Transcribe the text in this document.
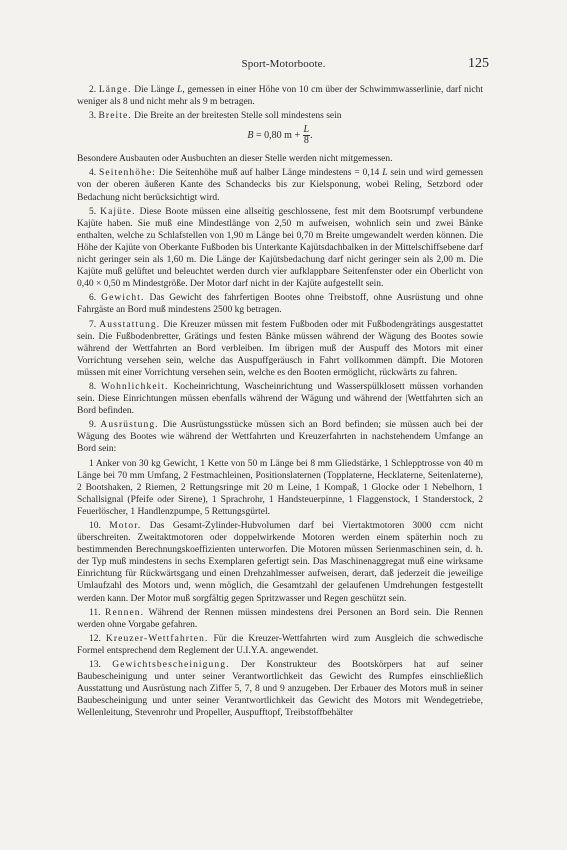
Sport-Motorboote.	125

2. Länge. Die Länge L, gemessen in einer Höhe von 10 cm über der Schwimmwasserlinie, darf nicht weniger als 8 und nicht mehr als 9 m betragen.

3. Breite. Die Breite an der breitesten Stelle soll mindestens sein

B = 0,80 $m + \frac{L}{8}$ .

Besondere Ausbauten oder Ausbuchten an dieser Stelle werden nicht mitgemessen.

4. Seitenhöhe: Die Seitenhöhe muß auf halber Länge mindestens = 0,14 L sein und wird gemessen von der oberen äußeren Kante des Schandecks bis zur Kielsponung, wobei Reling, Setzbord oder Bedachung nicht berücksichtigt wird.

5. Kajüte. Diese Boote müssen eine allseitig geschlossene, fest mit dem Bootsrumpf verbundene Kajüte haben. Sie muß eine Mindestlänge von 2,50 m aufweisen, wohnlich sein und zwei Bänke enthalten, welche zu Schlafstellen von 1,90 m Länge bei 0,70 m Breite umgewandelt werden können. Die Höhe der Kajüte von Oberkante Fußboden bis Unterkante Kajütsdachbalken in der Mittelschiffsebene darf nicht geringer sein als 1,60 m. Die Länge der Kajütsbedachung darf nicht geringer sein als 2,00 m. Die Kajüte muß gelüftet und beleuchtet werden durch vier aufklappbare Seitenfenster oder ein Oberlicht von 0,40 × 0,50 m Mindestgröße. Der Motor darf nicht in der Kajüte aufgestellt sein.

6. Gewicht. Das Gewicht des fahrfertigen Bootes ohne Treibstoff, ohne Ausrüstung und ohne Fahrgäste an Bord muß mindestens 2500 kg betragen.

7. Ausstattung. Die Kreuzer müssen mit festem Fußboden oder mit Fußbodengrätings ausgestattet sein. Die Fußbodenbretter, Grätings und festen Bänke müssen während der Wägung des Bootes sowie während der Wettfahrten an Bord verbleiben. Im übrigen muß der Auspuff des Motors mit einer Vorrichtung versehen sein, welche das Auspuffgeräusch in Fahrt vollkommen dämpft. Die Motoren müssen mit einer Vorrichtung versehen sein, welche es den Booten ermöglicht, rückwärts zu fahren.

8. Wohnlichkeit. Kocheinrichtung, Wascheinrichtung und Wasserspülklosett müssen vorhanden sein. Diese Einrichtungen müssen ebenfalls während der Wägung und während der |Wettfahrten sich an Bord befinden.

9. Ausrüstung. Die Ausrüstungsstücke müssen sich an Bord befinden; sie müssen auch bei der Wägung des Bootes wie während der Wettfahrten und Kreuzerfahrten in nachstehendem Umfange an Bord sein:

1 Anker von 30 kg Gewicht, 1 Kette von 50 m Länge bei 8 mm Gliedstärke, 1 Schlepptrosse von 40 m Länge bei 70 mm Umfang, 2 Festmachleinen, Positionslaternen (Topplaterne, Hecklaterne, Seitenlaterne), 2 Bootshaken, 2 Riemen, 2 Rettungsringe mit 20 m Leine, 1 Kompaß, 1 Glocke oder 1 Nebelhorn, 1 Schallsignal (Pfeife oder Sirene), 1 Sprachrohr, 1 Handsteuerpinne, 1 Flaggenstock, 1 Standerstock, 2 Feuerlöscher, 1 Handlenzpumpe, 5 Rettungsgürtel.

10. Motor. Das Gesamt-Zylinder-Hubvolumen darf bei Viertaktmotoren 3000 ccm nicht überschreiten. Zweitaktmotoren oder doppelwirkende Motoren werden einem späterhin noch zu bestimmenden Berechnungskoeffizienten unterworfen. Die Motoren müssen Serienmaschinen sein, d. h. der Typ muß mindestens in sechs Exemplaren gefertigt sein. Das Maschinenaggregat muß eine wirksame Einrichtung für Rückwärtsgang und einen Drehzahlmesser aufweisen, derart, daß jederzeit die jeweilige Umlaufzahl des Motors und, wenn möglich, die Gesamtzahl der gelaufenen Umdrehungen festgestellt werden kann. Der Motor muß sorgfältig gegen Spritzwasser und Regen geschützt sein.

11. Rennen. Während der Rennen müssen mindestens drei Personen an Bord sein. Die Rennen werden ohne Vorgabe gefahren.

12. Kreuzer-Wettfahrten. Für die Kreuzer-Wettfahrten wird zum Ausgleich die schwedische Formel entsprechend dem Reglement der U.I.Y.A. angewendet.

13. Gewichtsbescheinigung. Der Konstrukteur des Bootskörpers hat auf seiner Baubescheinigung und unter seiner Verantwortlichkeit das Gewicht des Rumpfes einschließlich Ausstattung und Ausrüstung nach Ziffer 5, 7, 8 und 9 anzugeben. Der Erbauer des Motors muß in seiner Baubescheinigung und unter seiner Verantwortlichkeit das Gewicht des Motors mit Wendegetriebe, Wellenleitung, Stevenrohr und Propeller, Auspufftopf, Treibstoffbehälter
